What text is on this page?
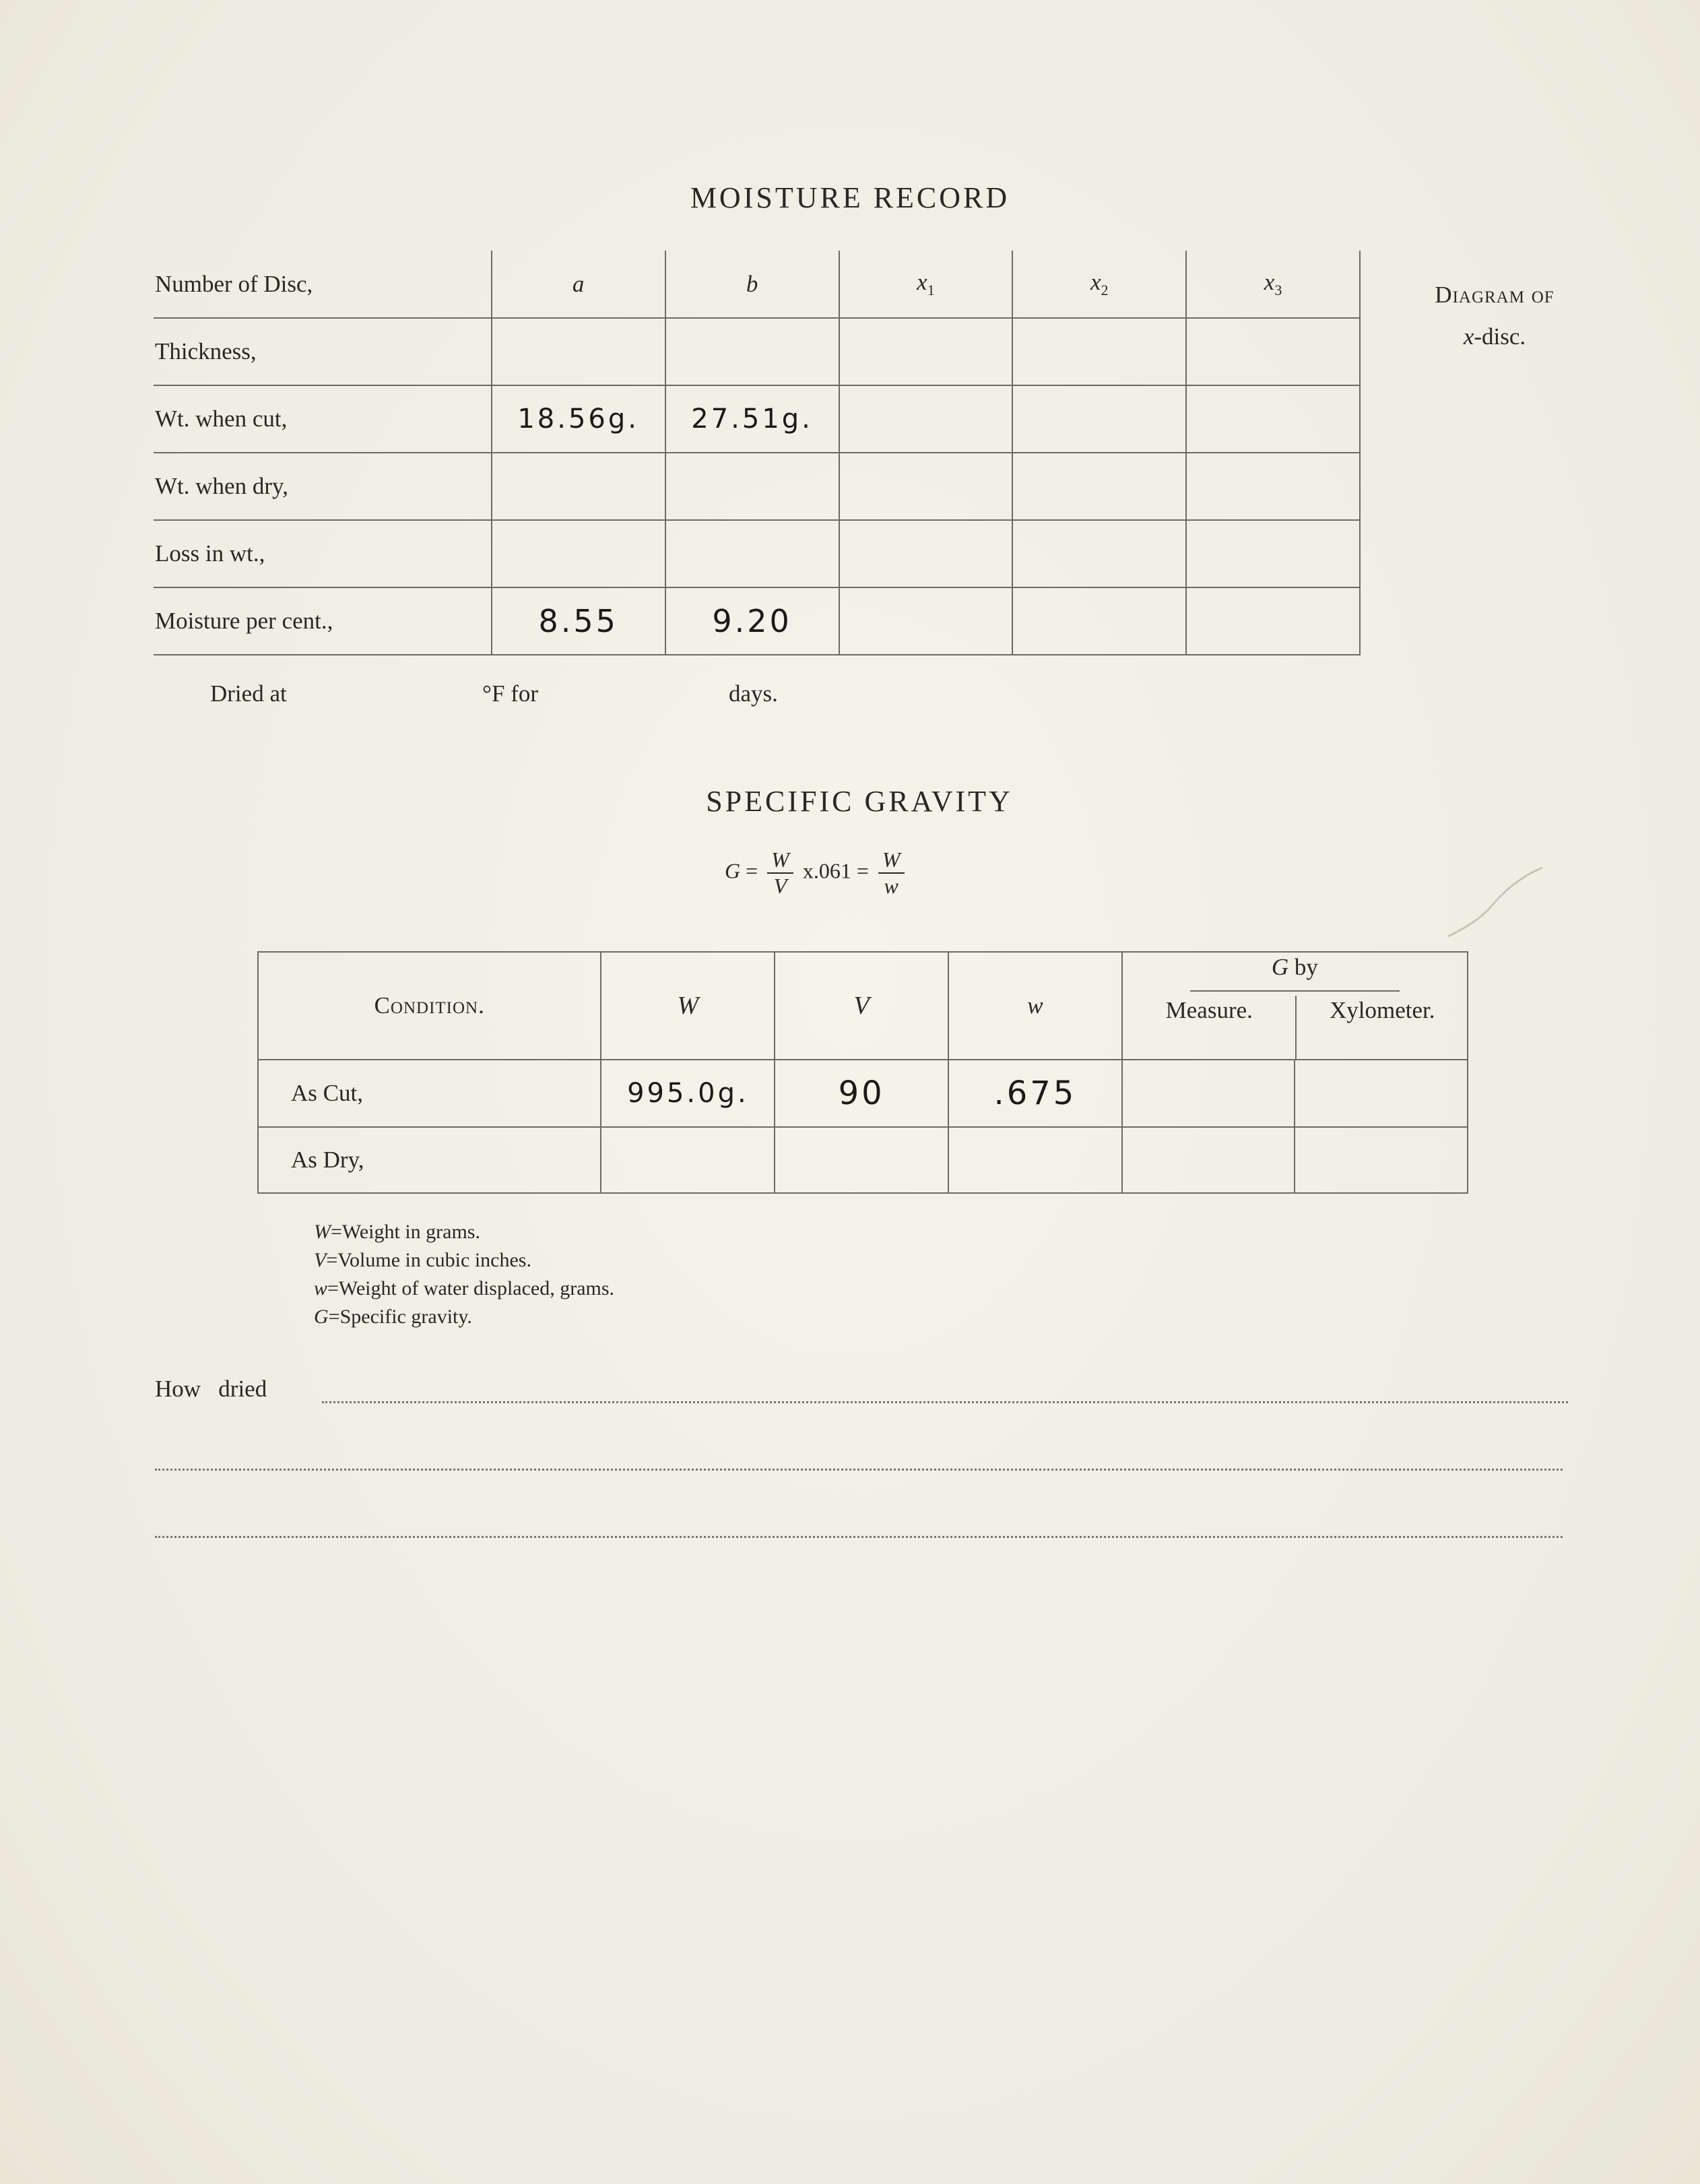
MOISTURE RECORD
Number of Disc,	a	b	$x_1$	$x_2$	$x_3$
Thickness,					
Wt. when cut,	18.56g.	27.51g.			
Wt. when dry,					
Loss in wt.,					
Moisture per cent.,	8.55	9.20			
Diagram of
x-disc.
Dried at	°F for	days.
SPECIFIC GRAVITY
$G = \frac{W}{V} x.061 = \frac{W}{w}$
Condition.	W	V	w	G by
Measure. Xylometer.	

As Cut,	995.0g.	90	.675		
As Dry,					
W=Weight in grams.
V=Volume in cubic inches.
w=Weight of water displaced, grams.
G=Specific gravity.
How   dried
